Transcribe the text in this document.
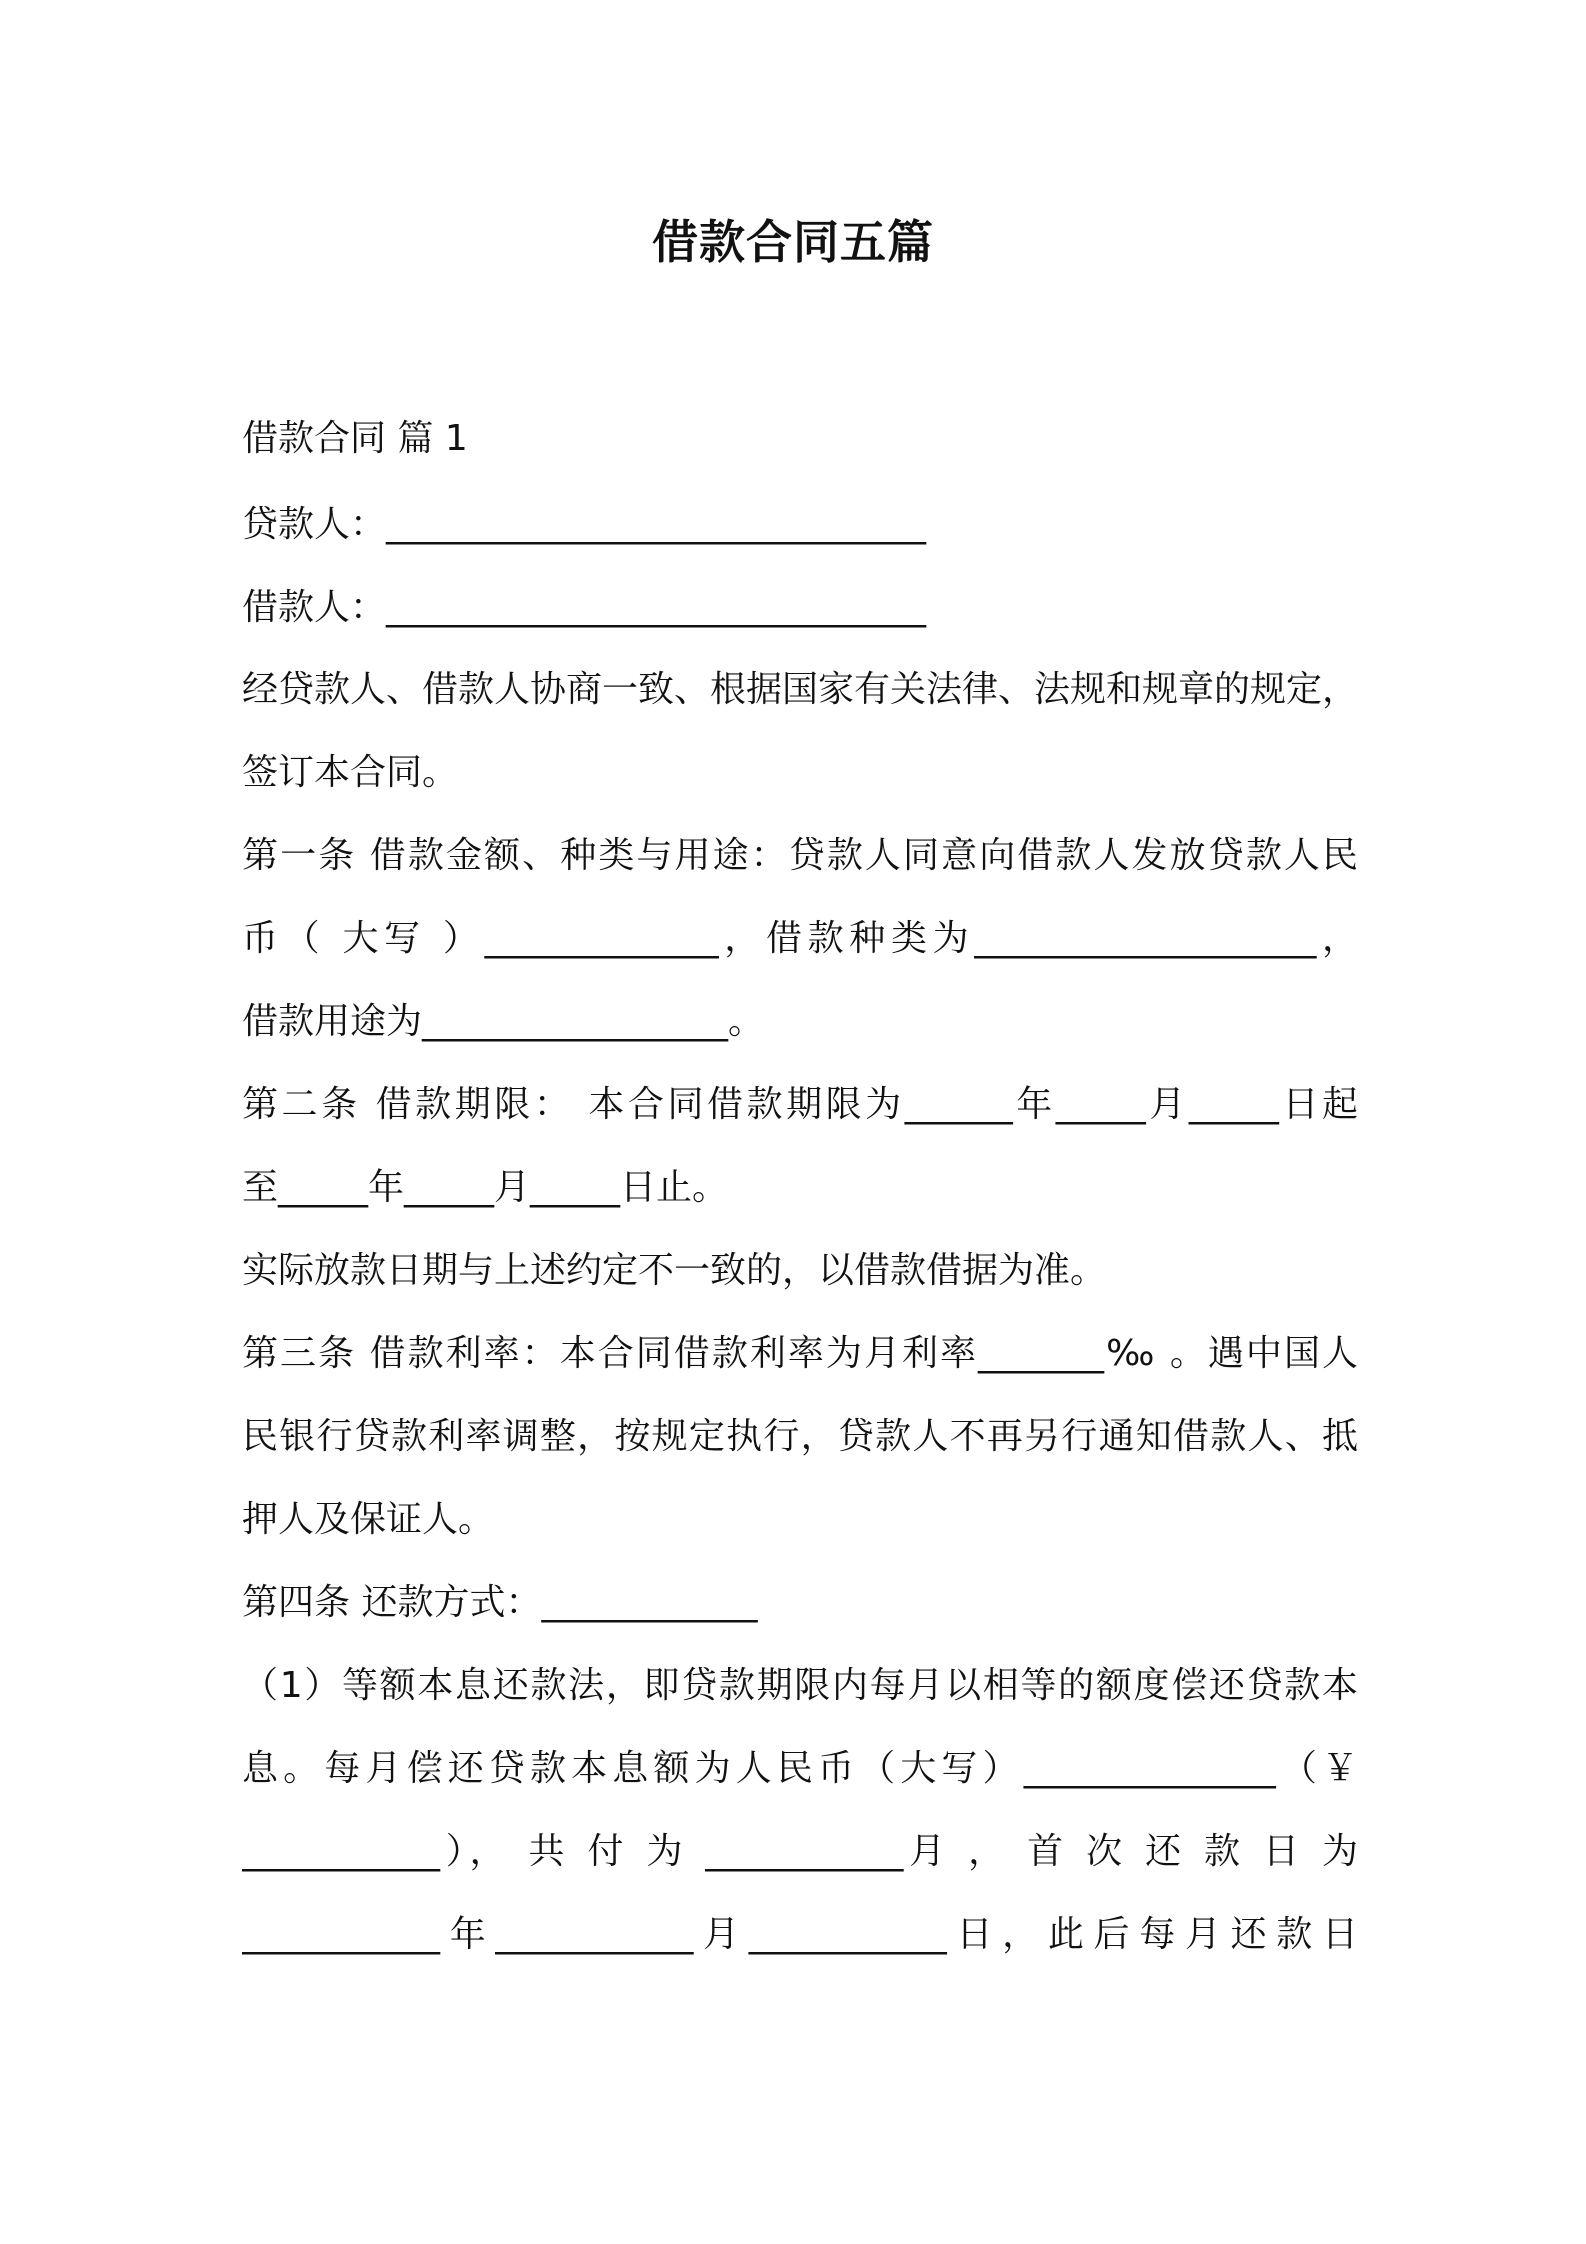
借款合同五篇
借款合同 篇 1
贷款人：______________________________
借款人：______________________________
经贷款人、借款人协商一致、根据国家有关法律、法规和规章的规定，
签订本合同。
第一条 借款金额、种类与用途：贷款人同意向借款人发放贷款人民
币（ 大写 ）_____________，借款种类为___________________，
借款用途为_________________。
第二条 借款期限： 本合同借款期限为______年_____月_____日起
至_____年_____月_____日止。
实际放款日期与上述约定不一致的，以借款借据为准。
第三条 借款利率：本合同借款利率为月利率_______‰ 。遇中国人
民银行贷款利率调整，按规定执行，贷款人不再另行通知借款人、抵
押人及保证人。
第四条 还款方式：____________
（1）等额本息还款法，即贷款期限内每月以相等的额度偿还贷款本
息。每月偿还贷款本息额为人民币（大写）______________（￥
___________）， 共 付 为 ___________月 ， 首 次 还 款 日 为
___________年___________月___________日，此后每月还款日
